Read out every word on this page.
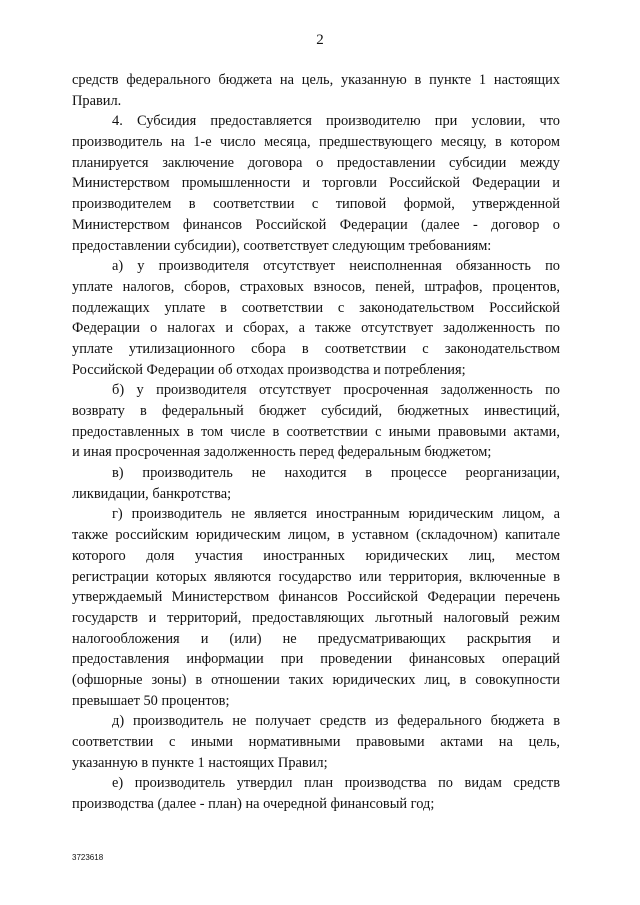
2
средств федерального бюджета на цель, указанную в пункте 1 настоящих
Правил.
4. Субсидия предоставляется производителю при условии, что
производитель на 1-е число месяца, предшествующего месяцу, в котором
планируется заключение договора о предоставлении субсидии между
Министерством промышленности и торговли Российской Федерации и
производителем в соответствии с типовой формой, утвержденной
Министерством финансов Российской Федерации (далее - договор о
предоставлении субсидии), соответствует следующим требованиям:
а) у производителя отсутствует неисполненная обязанность по
уплате налогов, сборов, страховых взносов, пеней, штрафов, процентов,
подлежащих уплате в соответствии с законодательством Российской
Федерации о налогах и сборах, а также отсутствует задолженность по
уплате утилизационного сбора в соответствии с законодательством
Российской Федерации об отходах производства и потребления;
б) у производителя отсутствует просроченная задолженность по
возврату в федеральный бюджет субсидий, бюджетных инвестиций,
предоставленных в том числе в соответствии с иными правовыми актами,
и иная просроченная задолженность перед федеральным бюджетом;
в) производитель не находится в процессе реорганизации,
ликвидации, банкротства;
г) производитель не является иностранным юридическим лицом, а
также российским юридическим лицом, в уставном (складочном) капитале
которого доля участия иностранных юридических лиц, местом
регистрации которых являются государство или территория, включенные в
утверждаемый Министерством финансов Российской Федерации перечень
государств и территорий, предоставляющих льготный налоговый режим
налогообложения и (или) не предусматривающих раскрытия и
предоставления информации при проведении финансовых операций
(офшорные зоны) в отношении таких юридических лиц, в совокупности
превышает 50 процентов;
д) производитель не получает средств из федерального бюджета в
соответствии с иными нормативными правовыми актами на цель,
указанную в пункте 1 настоящих Правил;
е) производитель утвердил план производства по видам средств
производства (далее - план) на очередной финансовый год;
3723618
